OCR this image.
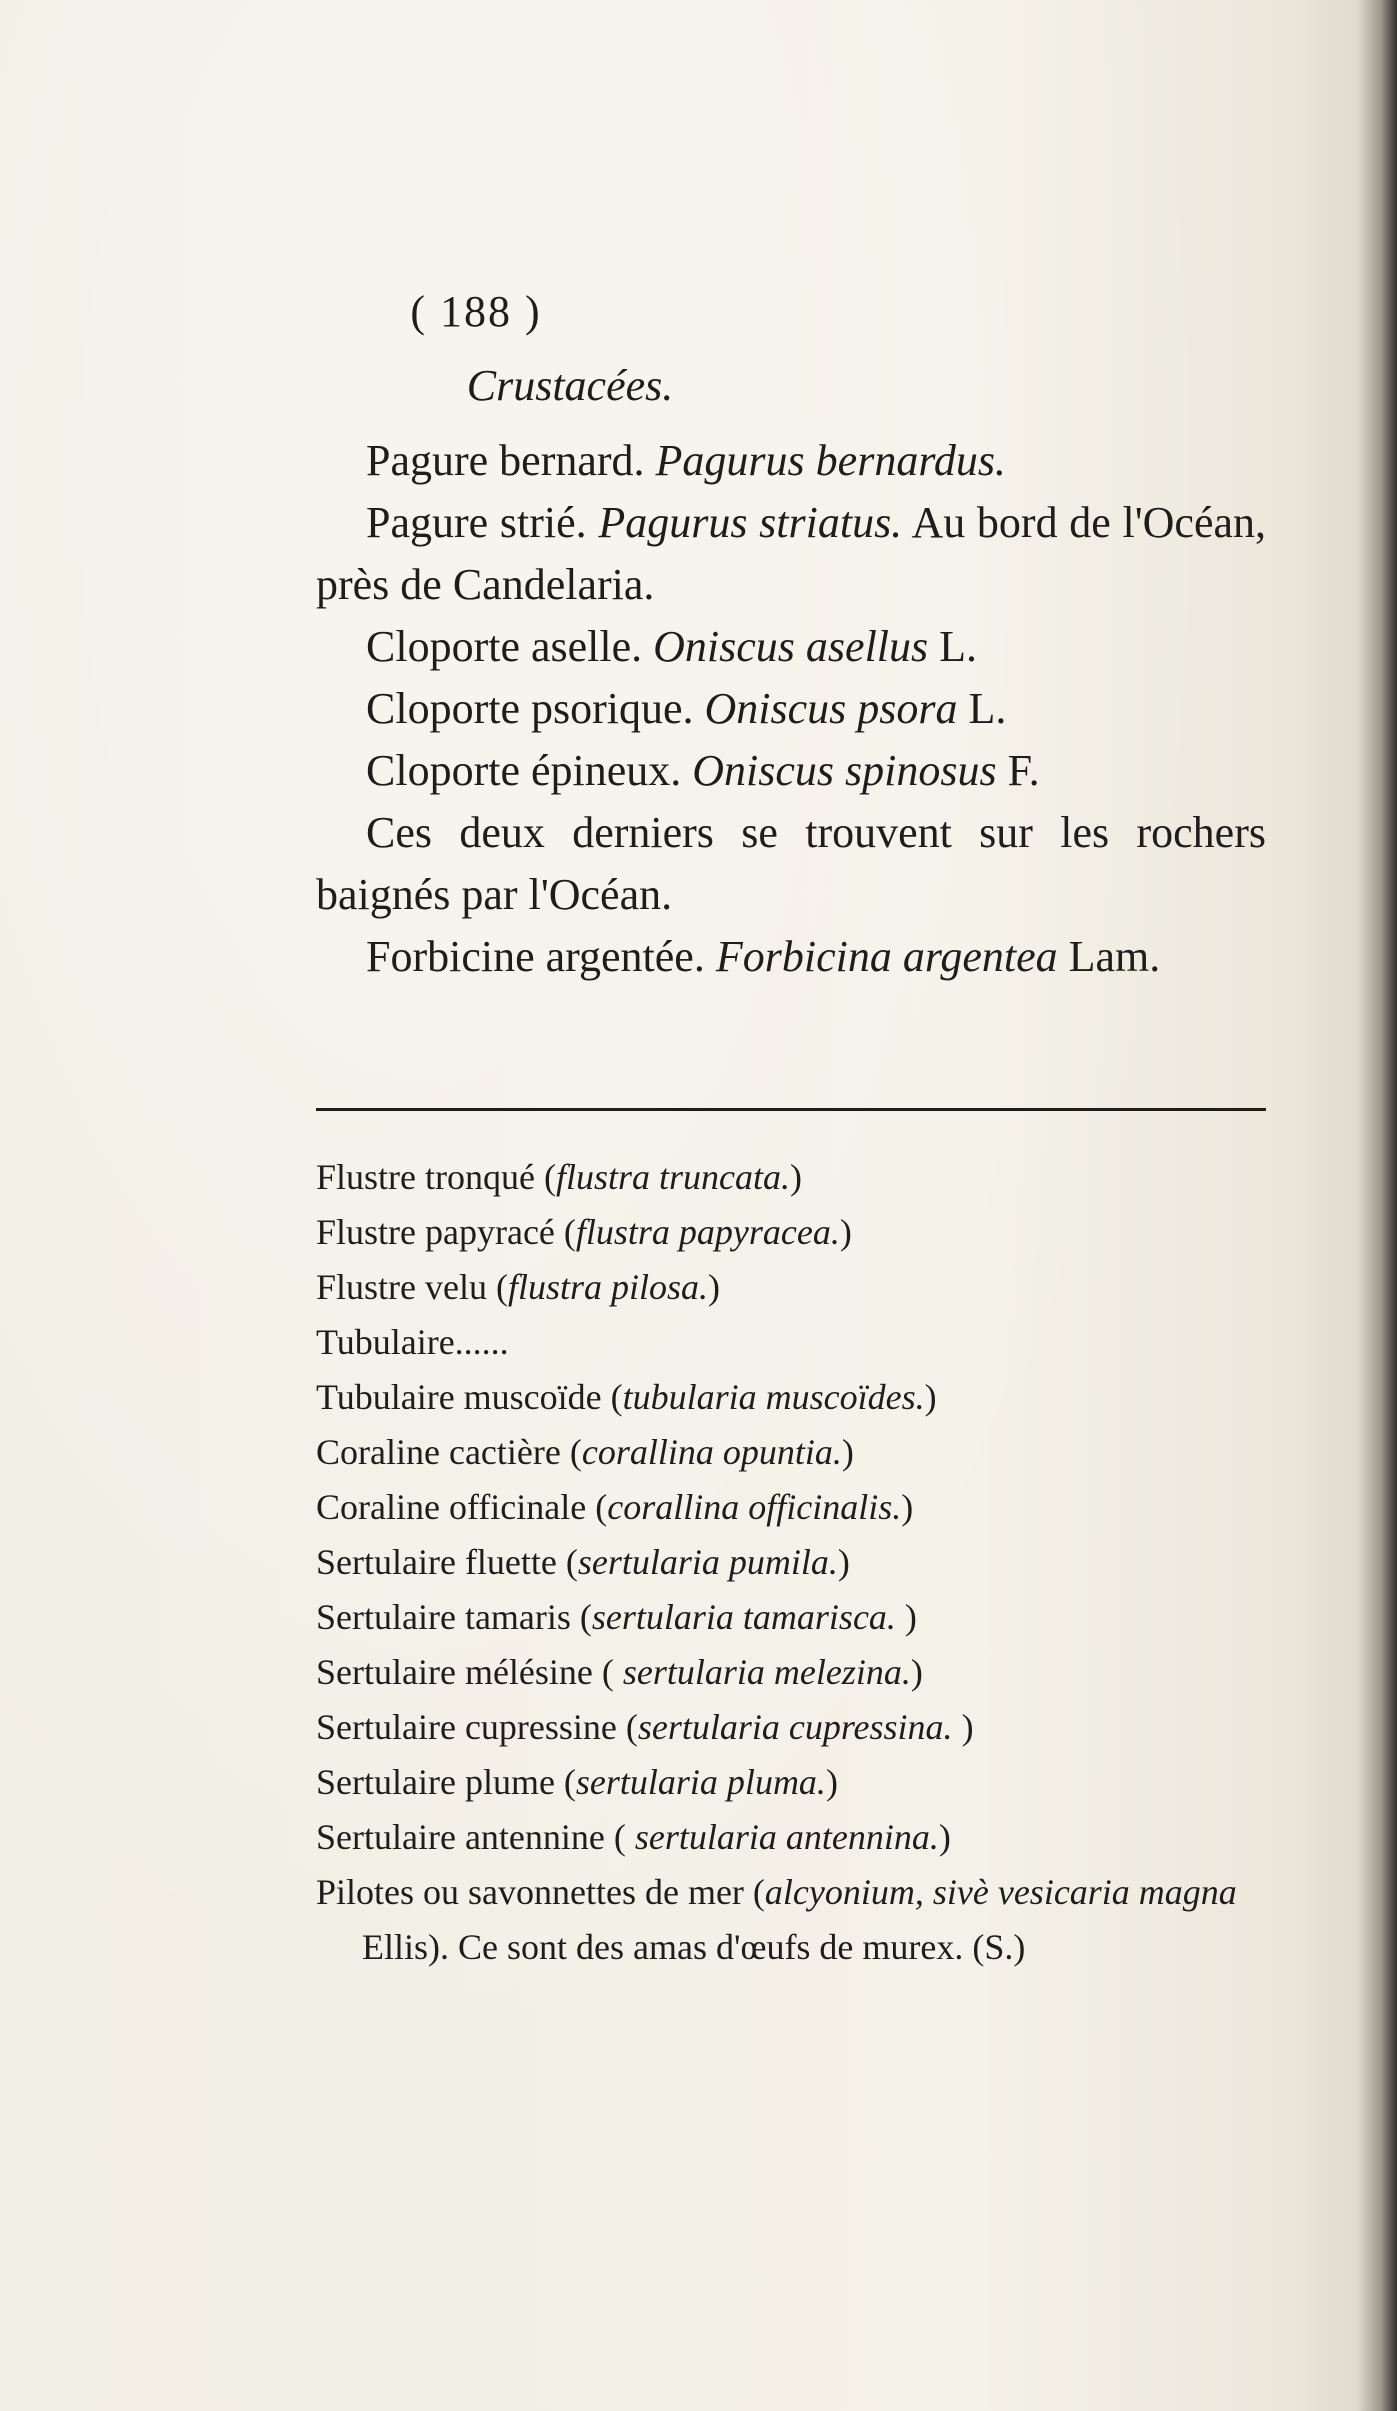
( 188 )
Crustacées.

Pagure bernard. Pagurus bernardus.

Pagure strié. Pagurus striatus. Au bord de l'Océan, près de Candelaria.

Cloporte aselle. Oniscus asellus L.

Cloporte psorique. Oniscus psora L.

Cloporte épineux. Oniscus spinosus F.

Ces deux derniers se trouvent sur les rochers baignés par l'Océan.

Forbicine argentée. Forbicina argentea Lam.

Flustre tronqué (flustra truncata.)

Flustre papyracé (flustra papyracea.)

Flustre velu (flustra pilosa.)

Tubulaire......

Tubulaire muscoïde (tubularia muscoïdes.)

Coraline cactière (corallina opuntia.)

Coraline officinale (corallina officinalis.)

Sertulaire fluette (sertularia pumila.)

Sertulaire tamaris (sertularia tamarisca. )

Sertulaire mélésine ( sertularia melezina.)

Sertulaire cupressine (sertularia cupressina. )

Sertulaire plume (sertularia pluma.)

Sertulaire antennine ( sertularia antennina.)

Pilotes ou savonnettes de mer (alcyonium, sivè vesicaria magna Ellis). Ce sont des amas d'œufs de murex. (S.)
